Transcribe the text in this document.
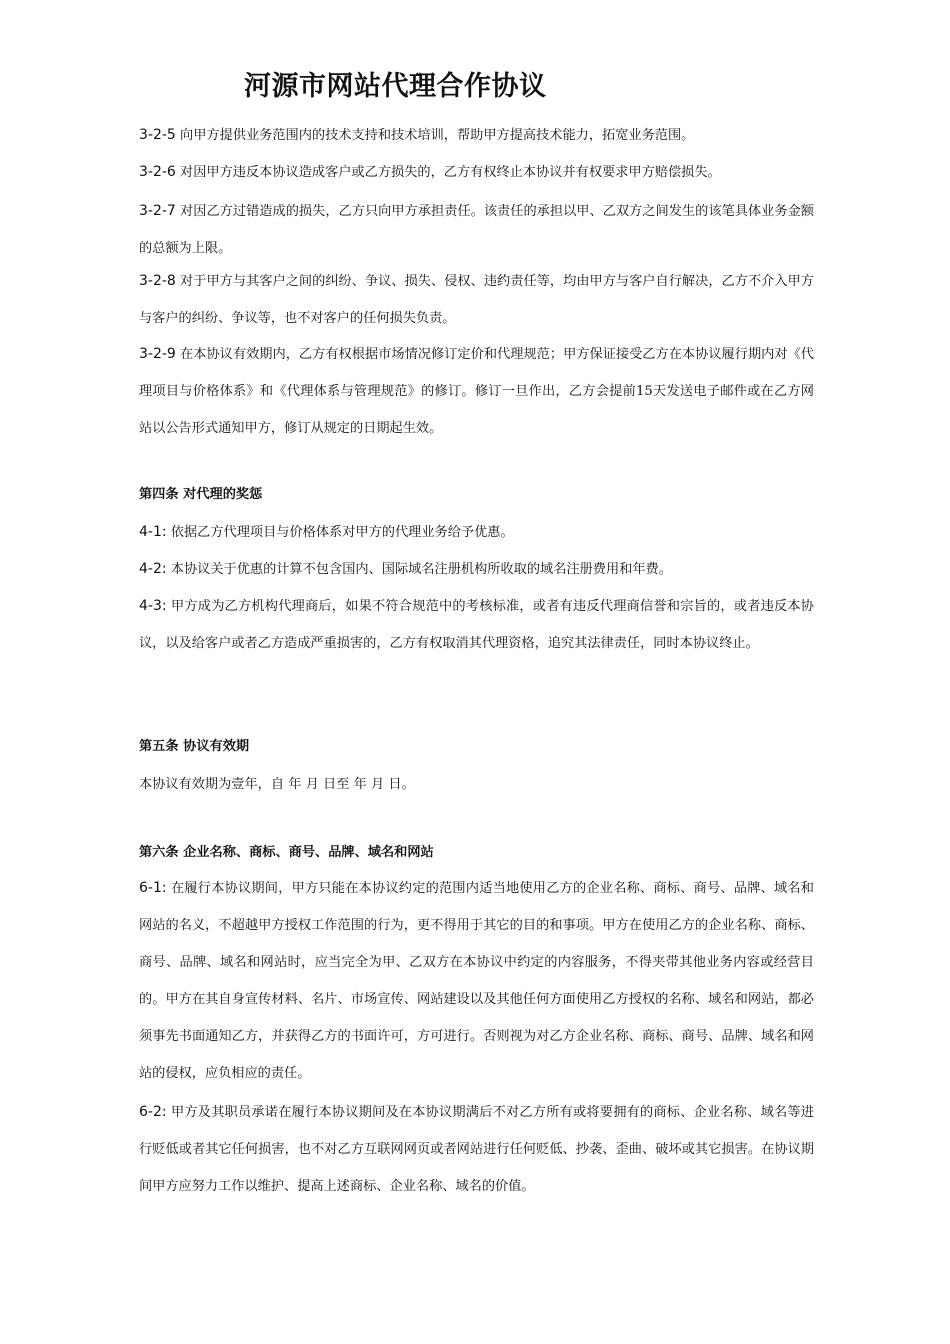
河源市网站代理合作协议
3-2-5 向甲方提供业务范围内的技术支持和技术培训，帮助甲方提高技术能力，拓宽业务范围。
3-2-6 对因甲方违反本协议造成客户或乙方损失的，乙方有权终止本协议并有权要求甲方赔偿损失。
3-2-7 对因乙方过错造成的损失，乙方只向甲方承担责任。该责任的承担以甲、乙双方之间发生的该笔具体业务金额的总额为上限。
3-2-8 对于甲方与其客户之间的纠纷、争议、损失、侵权、违约责任等，均由甲方与客户自行解决，乙方不介入甲方与客户的纠纷、争议等，也不对客户的任何损失负责。
3-2-9 在本协议有效期内，乙方有权根据市场情况修订定价和代理规范；甲方保证接受乙方在本协议履行期内对《代理项目与价格体系》和《代理体系与管理规范》的修订。修订一旦作出，乙方会提前15天发送电子邮件或在乙方网站以公告形式通知甲方，修订从规定的日期起生效。
第四条 对代理的奖惩
4-1: 依据乙方代理项目与价格体系对甲方的代理业务给予优惠。
4-2: 本协议关于优惠的计算不包含国内、国际域名注册机构所收取的域名注册费用和年费。
4-3: 甲方成为乙方机构代理商后，如果不符合规范中的考核标准，或者有违反代理商信誉和宗旨的，或者违反本协议，以及给客户或者乙方造成严重损害的，乙方有权取消其代理资格，追究其法律责任，同时本协议终止。
第五条 协议有效期
本协议有效期为壹年，自 年 月 日至 年 月 日。
第六条 企业名称、商标、商号、品牌、域名和网站
6-1: 在履行本协议期间，甲方只能在本协议约定的范围内适当地使用乙方的企业名称、商标、商号、品牌、域名和网站的名义，不超越甲方授权工作范围的行为，更不得用于其它的目的和事项。甲方在使用乙方的企业名称、商标、商号、品牌、域名和网站时，应当完全为甲、乙双方在本协议中约定的内容服务，不得夹带其他业务内容或经营目的。甲方在其自身宣传材料、名片、市场宣传、网站建设以及其他任何方面使用乙方授权的名称、域名和网站，都必须事先书面通知乙方，并获得乙方的书面许可，方可进行。否则视为对乙方企业名称、商标、商号、品牌、域名和网站的侵权，应负相应的责任。
6-2: 甲方及其职员承诺在履行本协议期间及在本协议期满后不对乙方所有或将要拥有的商标、企业名称、域名等进行贬低或者其它任何损害，也不对乙方互联网网页或者网站进行任何贬低、抄袭、歪曲、破坏或其它损害。在协议期间甲方应努力工作以维护、提高上述商标、企业名称、域名的价值。
